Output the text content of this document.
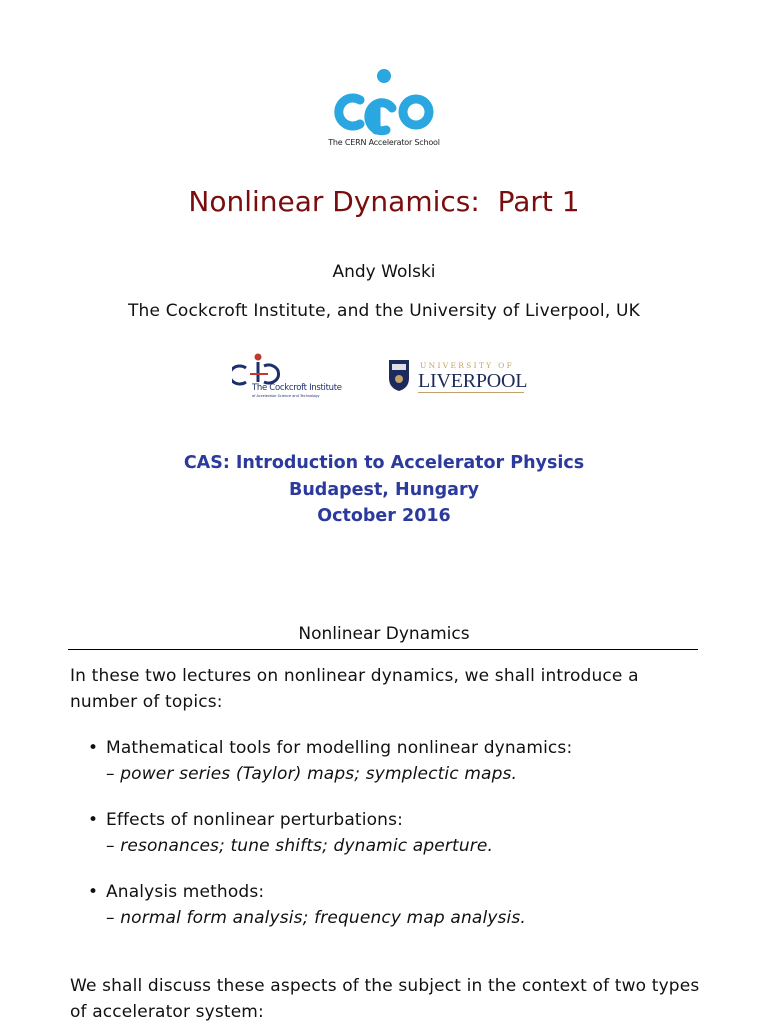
The CERN Accelerator School
Nonlinear Dynamics:  Part 1
Andy Wolski
The Cockcroft Institute, and the University of Liverpool, UK
The Cockcroft Institute
of Accelerator Science and Technology
UNIVERSITY OF
LIVERPOOL
CAS: Introduction to Accelerator Physics
Budapest, Hungary
October 2016
Nonlinear Dynamics
In these two lectures on nonlinear dynamics, we shall introduce a number of topics:
• Mathematical tools for modelling nonlinear dynamics:
– power series (Taylor) maps; symplectic maps.
• Effects of nonlinear perturbations:
– resonances; tune shifts; dynamic aperture.
• Analysis methods:
– normal form analysis; frequency map analysis.
We shall discuss these aspects of the subject in the context of two types of accelerator system:
